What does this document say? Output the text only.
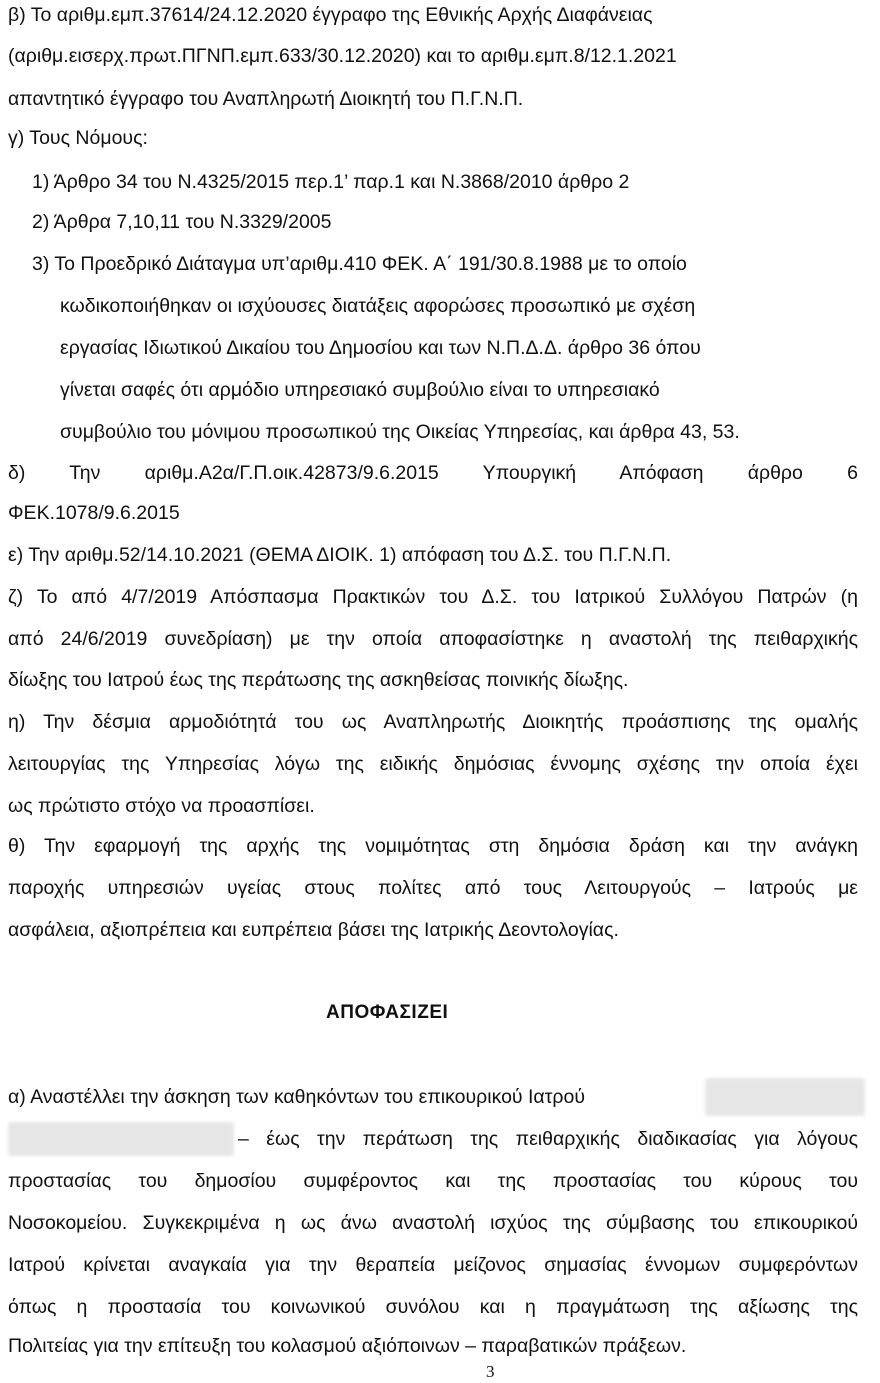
β) Το αριθμ.εμπ.37614/24.12.2020 έγγραφο της Εθνικής Αρχής Διαφάνειας
(αριθμ.εισερχ.πρωτ.ΠΓΝΠ.εμπ.633/30.12.2020) και το αριθμ.εμπ.8/12.1.2021
απαντητικό έγγραφο του Αναπληρωτή Διοικητή του Π.Γ.Ν.Π.
γ) Τους Νόμους:
1) Άρθρο 34 του Ν.4325/2015 περ.1’ παρ.1 και Ν.3868/2010 άρθρο 2
2) Άρθρα 7,10,11 του Ν.3329/2005
3) Το Προεδρικό Διάταγμα υπ’αριθμ.410 ΦΕΚ. Α΄ 191/30.8.1988 με το οποίο
κωδικοποιήθηκαν οι ισχύουσες διατάξεις αφορώσες προσωπικό με σχέση
εργασίας Ιδιωτικού Δικαίου του Δημοσίου και των Ν.Π.Δ.Δ. άρθρο 36 όπου
γίνεται σαφές ότι αρμόδιο υπηρεσιακό συμβούλιο είναι το υπηρεσιακό
συμβούλιο του μόνιμου προσωπικού της Οικείας Υπηρεσίας, και άρθρα 43, 53.
δ)    Την    αριθμ.Α2α/Γ.Π.οικ.42873/9.6.2015    Υπουργική    Απόφαση    άρθρο    6
ΦΕΚ.1078/9.6.2015
ε) Την αριθμ.52/14.10.2021 (ΘΕΜΑ ΔΙΟΙΚ. 1) απόφαση του Δ.Σ. του Π.Γ.Ν.Π.
ζ) Το από 4/7/2019 Απόσπασμα Πρακτικών του Δ.Σ. του Ιατρικού Συλλόγου Πατρών (η
από 24/6/2019 συνεδρίαση) με την οποία αποφασίστηκε η αναστολή της πειθαρχικής
δίωξης του Ιατρού έως της περάτωσης της ασκηθείσας ποινικής δίωξης.
η) Την δέσμια αρμοδιότητά του ως Αναπληρωτής Διοικητής προάσπισης της ομαλής
λειτουργίας της Υπηρεσίας λόγω της ειδικής δημόσιας έννομης σχέσης την οποία έχει
ως πρώτιστο στόχο να προασπίσει.
θ) Την εφαρμογή της αρχής της νομιμότητας στη δημόσια δράση και την ανάγκη
παροχής υπηρεσιών υγείας στους πολίτες από τους Λειτουργούς – Ιατρούς με
ασφάλεια, αξιοπρέπεια και ευπρέπεια βάσει της Ιατρικής Δεοντολογίας.
ΑΠΟΦΑΣΙΖΕΙ
α) Αναστέλλει την άσκηση των καθηκόντων του επικουρικού Ιατρού
– έως την περάτωση της πειθαρχικής διαδικασίας για λόγους
προστασίας του δημοσίου συμφέροντος και της προστασίας του κύρους του
Νοσοκομείου. Συγκεκριμένα η ως άνω αναστολή ισχύος της σύμβασης του επικουρικού
Ιατρού κρίνεται αναγκαία για την θεραπεία μείζονος σημασίας έννομων συμφερόντων
όπως η προστασία του κοινωνικού συνόλου και η πραγμάτωση της αξίωσης της
Πολιτείας για την επίτευξη του κολασμού αξιόποινων – παραβατικών πράξεων.
3
